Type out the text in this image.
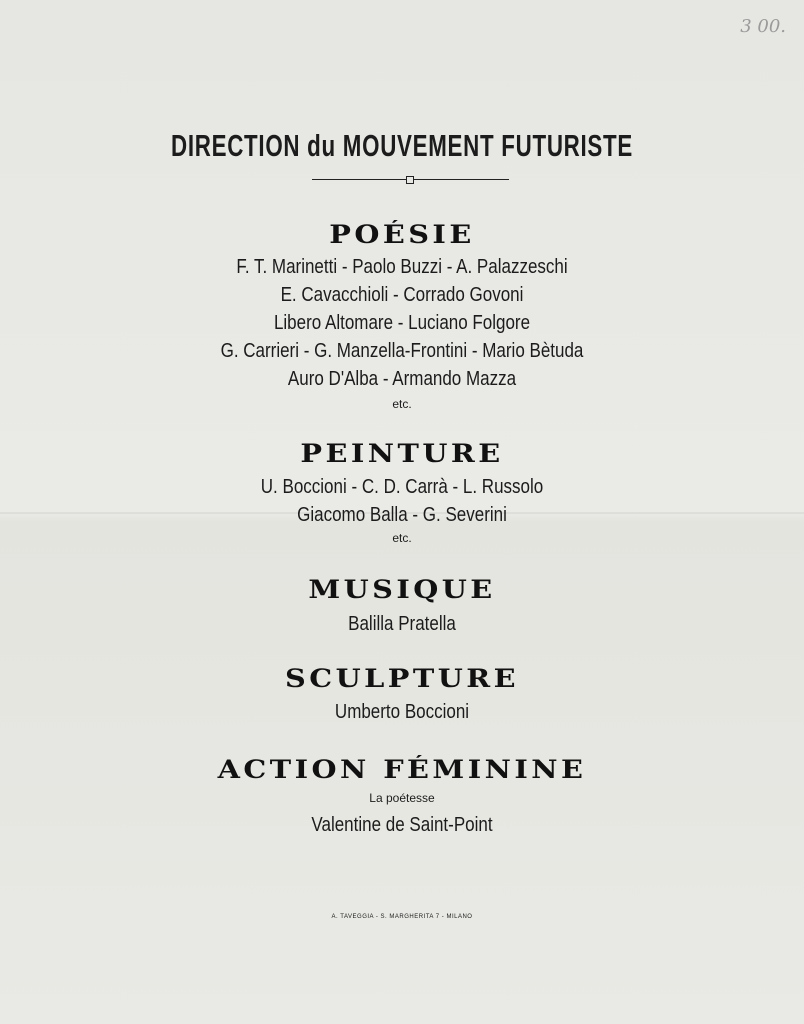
3 00.
DIRECTION du MOUVEMENT FUTURISTE
POÉSIE
F. T. Marinetti - Paolo Buzzi - A. Palazzeschi
E. Cavacchioli - Corrado Govoni
Libero Altomare - Luciano Folgore
G. Carrieri - G. Manzella-Frontini - Mario Bètuda
Auro D'Alba - Armando Mazza
etc.
PEINTURE
U. Boccioni - C. D. Carrà - L. Russolo
Giacomo Balla - G. Severini
etc.
MUSIQUE
Balilla Pratella
SCULPTURE
Umberto Boccioni
ACTION FÉMININE
La poétesse
Valentine de Saint-Point
A. TAVEGGIA - S. MARGHERITA 7 - MILANO
